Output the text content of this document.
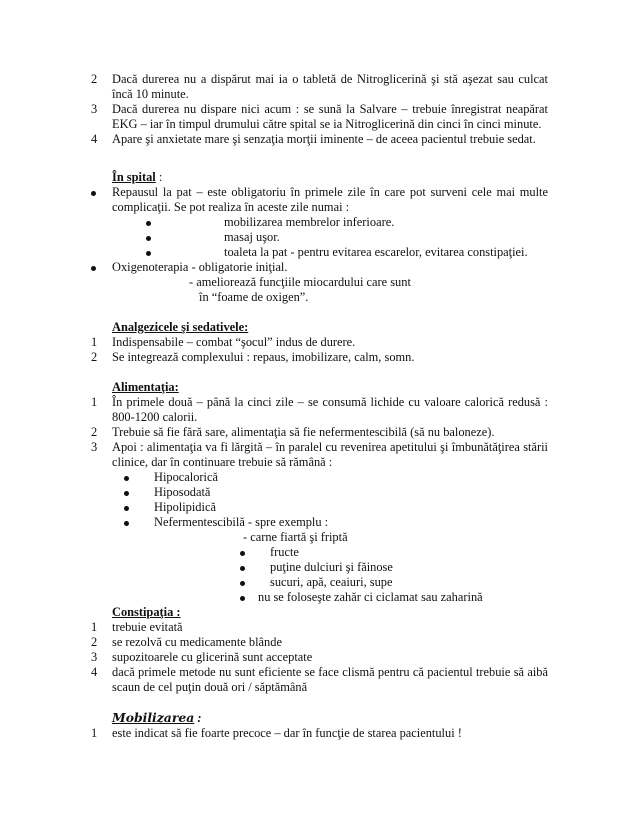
2 Dacă durerea nu a dispărut mai ia o tabletă de Nitroglicerină şi stă aşezat sau culcat încă 10 minute.
3 Dacă durerea nu dispare nici acum : se sună la Salvare – trebuie înregistrat neapărat EKG – iar în timpul drumului către spital se ia Nitroglicerină din cinci în cinci minute.
4 Apare şi anxietate mare şi senzaţia morţii iminente – de aceea pacientul trebuie sedat.
În spital :
Repausul la pat – este obligatoriu în primele zile în care pot surveni cele mai multe complicaţii. Se pot realiza în aceste zile numai :
mobilizarea membrelor inferioare.
masaj uşor.
toaleta la pat - pentru evitarea escarelor, evitarea constipaţiei.
Oxigenoterapia - obligatorie iniţial.
- ameliorează funcţiile miocardului care sunt
în “foame de oxigen”.
Analgezicele şi sedativele:
1 Indispensabile – combat “şocul” indus de durere.
2 Se integrează complexului : repaus, imobilizare, calm, somn.
Alimentaţia:
1 În primele două – până la cinci zile – se consumă lichide cu valoare calorică redusă : 800-1200 calorii.
2 Trebuie să fie fără sare, alimentaţia să fie nefermentescibilă (să nu baloneze).
3 Apoi : alimentaţia va fi lărgită – în paralel cu revenirea apetitului şi îmbunătăţirea stării clinice, dar în continuare trebuie să rămână :
Hipocalorică
Hiposodată
Hipolipidică
Nefermentescibilă - spre exemplu :
- carne fiartă şi friptă
fructe
puţine dulciuri şi făinose
sucuri, apă, ceaiuri, supe
nu se foloseşte zahăr ci ciclamat sau zaharină
Constipaţia :
1 trebuie evitată
2 se rezolvă cu medicamente blânde
3 supozitoarele cu glicerină sunt acceptate
4 dacă primele metode nu sunt eficiente se face clismă pentru că pacientul trebuie să aibă scaun de cel puţin două ori / săptămână
Mobilizarea :
1 este indicat să fie foarte precoce – dar în funcţie de starea pacientului !
